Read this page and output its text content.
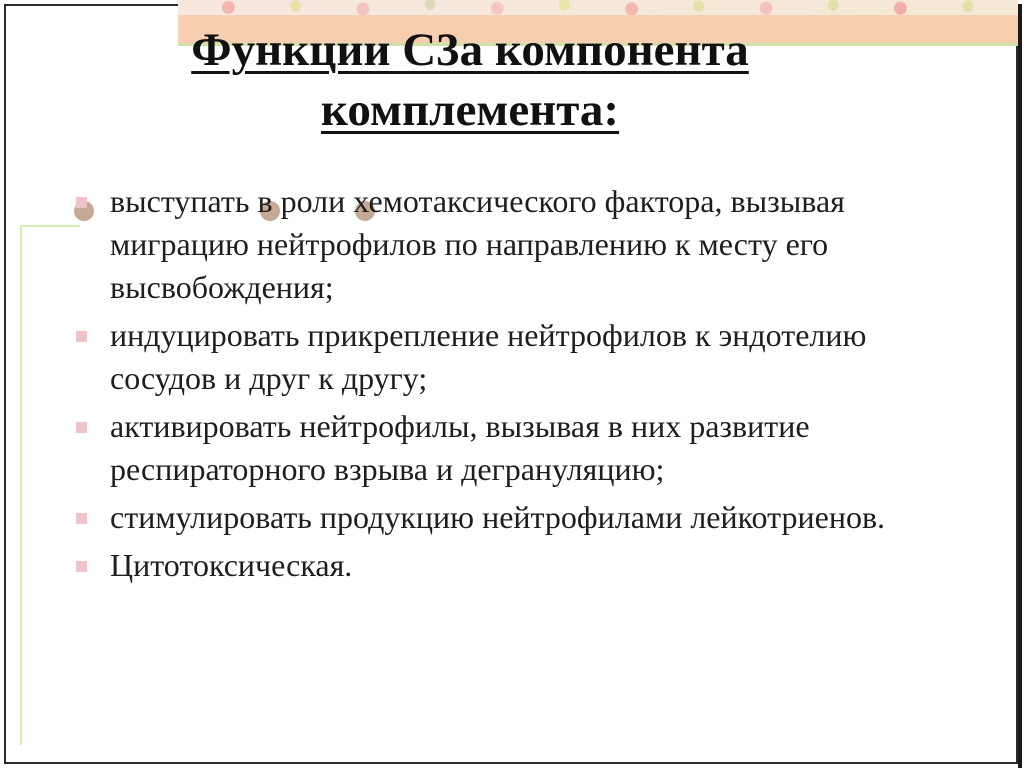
Функции C3a компонента
комплемента:
выступать в роли хемотаксического фактора, вызывая миграцию нейтрофилов по направлению к месту его высвобождения;
индуцировать прикрепление нейтрофилов к эндотелию сосудов и друг к другу;
активировать нейтрофилы, вызывая в них развитие респираторного взрыва и дегрануляцию;
стимулировать продукцию нейтрофилами лейкотриенов.
Цитотоксическая.
